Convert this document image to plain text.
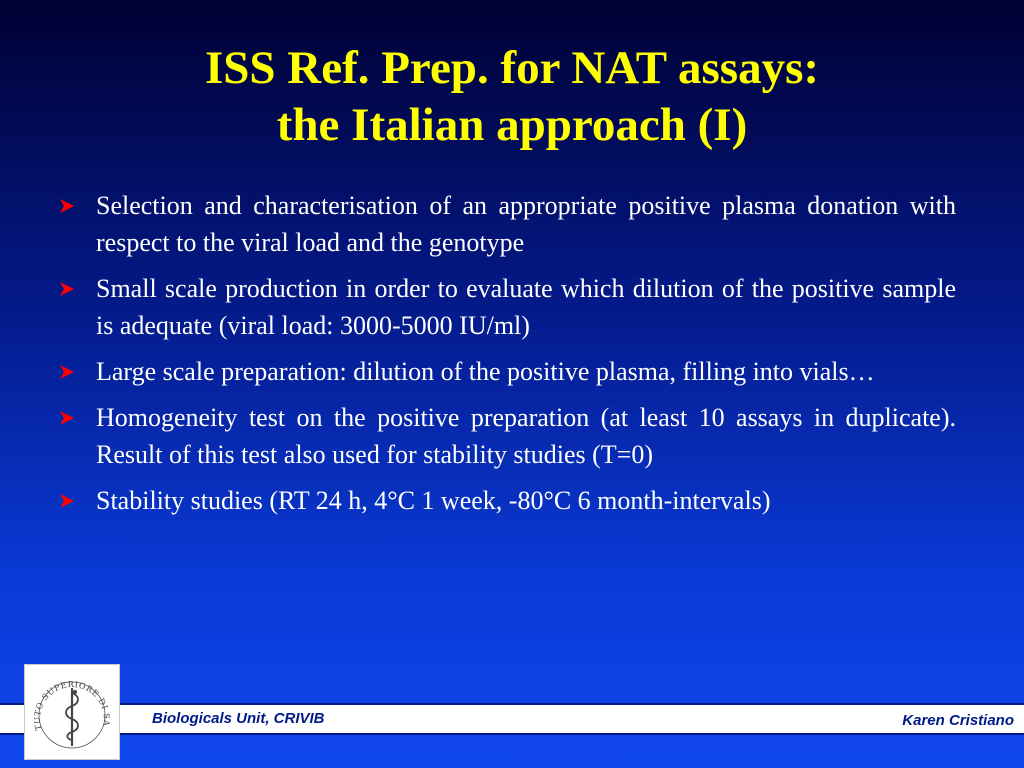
ISS Ref. Prep. for NAT assays:
the Italian approach (I)
Selection and characterisation of an appropriate positive plasma donation with respect to the viral load and the genotype
Small scale production in order to evaluate which dilution of the positive sample is adequate (viral load: 3000-5000 IU/ml)
Large scale preparation: dilution of the positive plasma, filling into vials…
Homogeneity test on the positive preparation (at least 10 assays in duplicate). Result of this test also used for stability studies (T=0)
Stability studies (RT 24 h, 4°C 1 week, -80°C 6 month-intervals)
Biologicals Unit, CRIVIB	Karen Cristiano
TUTO SUPERIORE DI SA
